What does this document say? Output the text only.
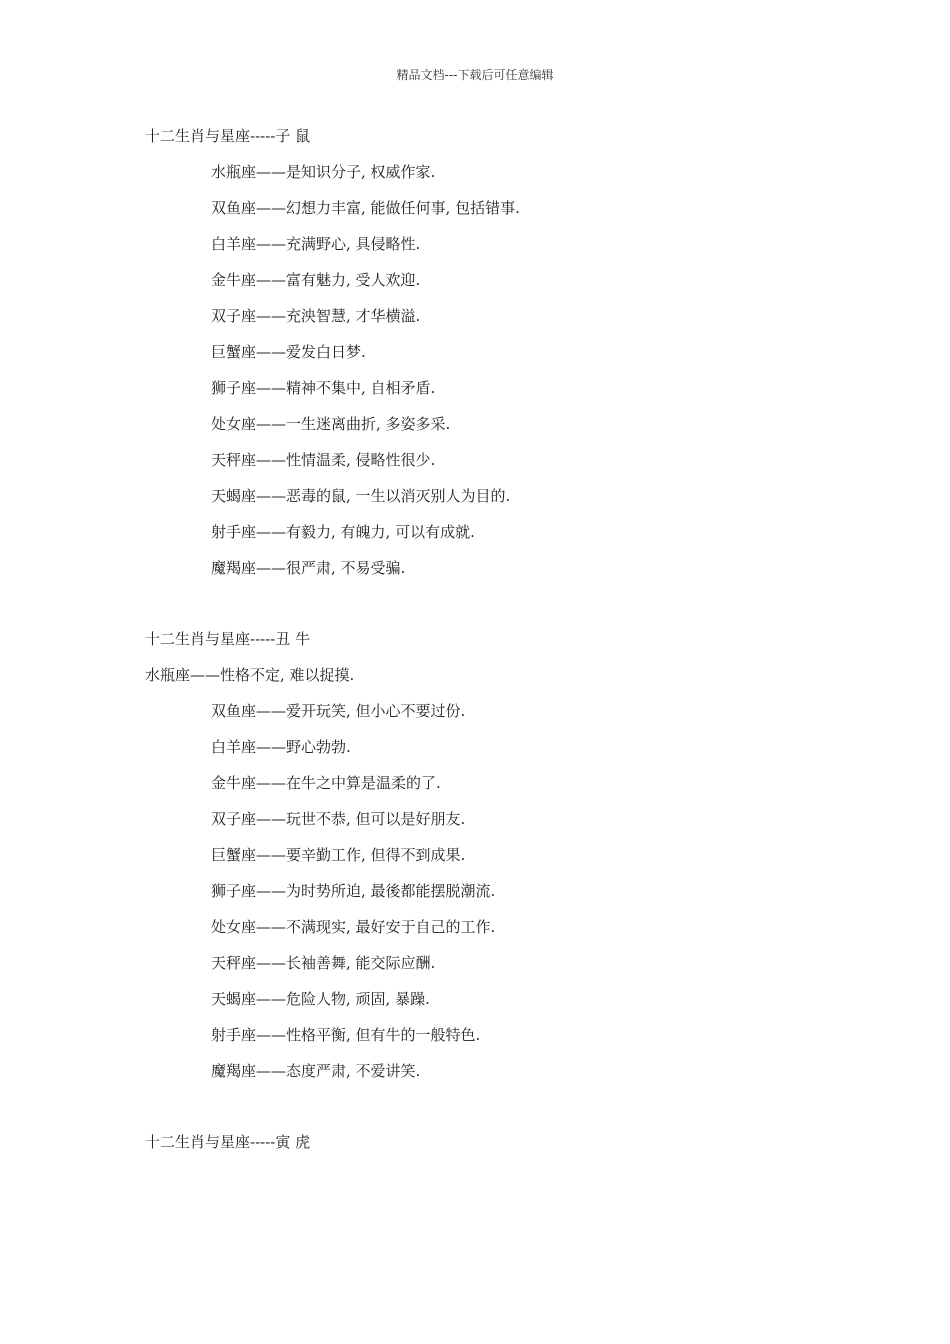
精品文档---下载后可任意编辑
十二生肖与星座-----子 鼠
水瓶座——是知识分子, 权威作家.
双鱼座——幻想力丰富, 能做任何事, 包括错事.
白羊座——充满野心, 具侵略性.
金牛座——富有魅力, 受人欢迎.
双子座——充泱智慧, 才华横溢.
巨蟹座——爱发白日梦.
狮子座——精神不集中, 自相矛盾.
处女座——一生迷离曲折, 多姿多采.
天秤座——性情温柔, 侵略性很少.
天蝎座——恶毒的鼠, 一生以消灭别人为目的.
射手座——有毅力, 有魄力, 可以有成就.
魔羯座——很严肃, 不易受骗.
十二生肖与星座-----丑 牛
水瓶座——性格不定, 难以捉摸.
双鱼座——爱开玩笑, 但小心不要过份.
白羊座——野心勃勃.
金牛座——在牛之中算是温柔的了.
双子座——玩世不恭, 但可以是好朋友.
巨蟹座——要辛勤工作, 但得不到成果.
狮子座——为时势所迫, 最後都能摆脱潮流.
处女座——不满现实, 最好安于自己的工作.
天秤座——长袖善舞, 能交际应酬.
天蝎座——危险人物, 顽固, 暴躁.
射手座——性格平衡, 但有牛的一般特色.
魔羯座——态度严肃, 不爱讲笑.
十二生肖与星座-----寅 虎
